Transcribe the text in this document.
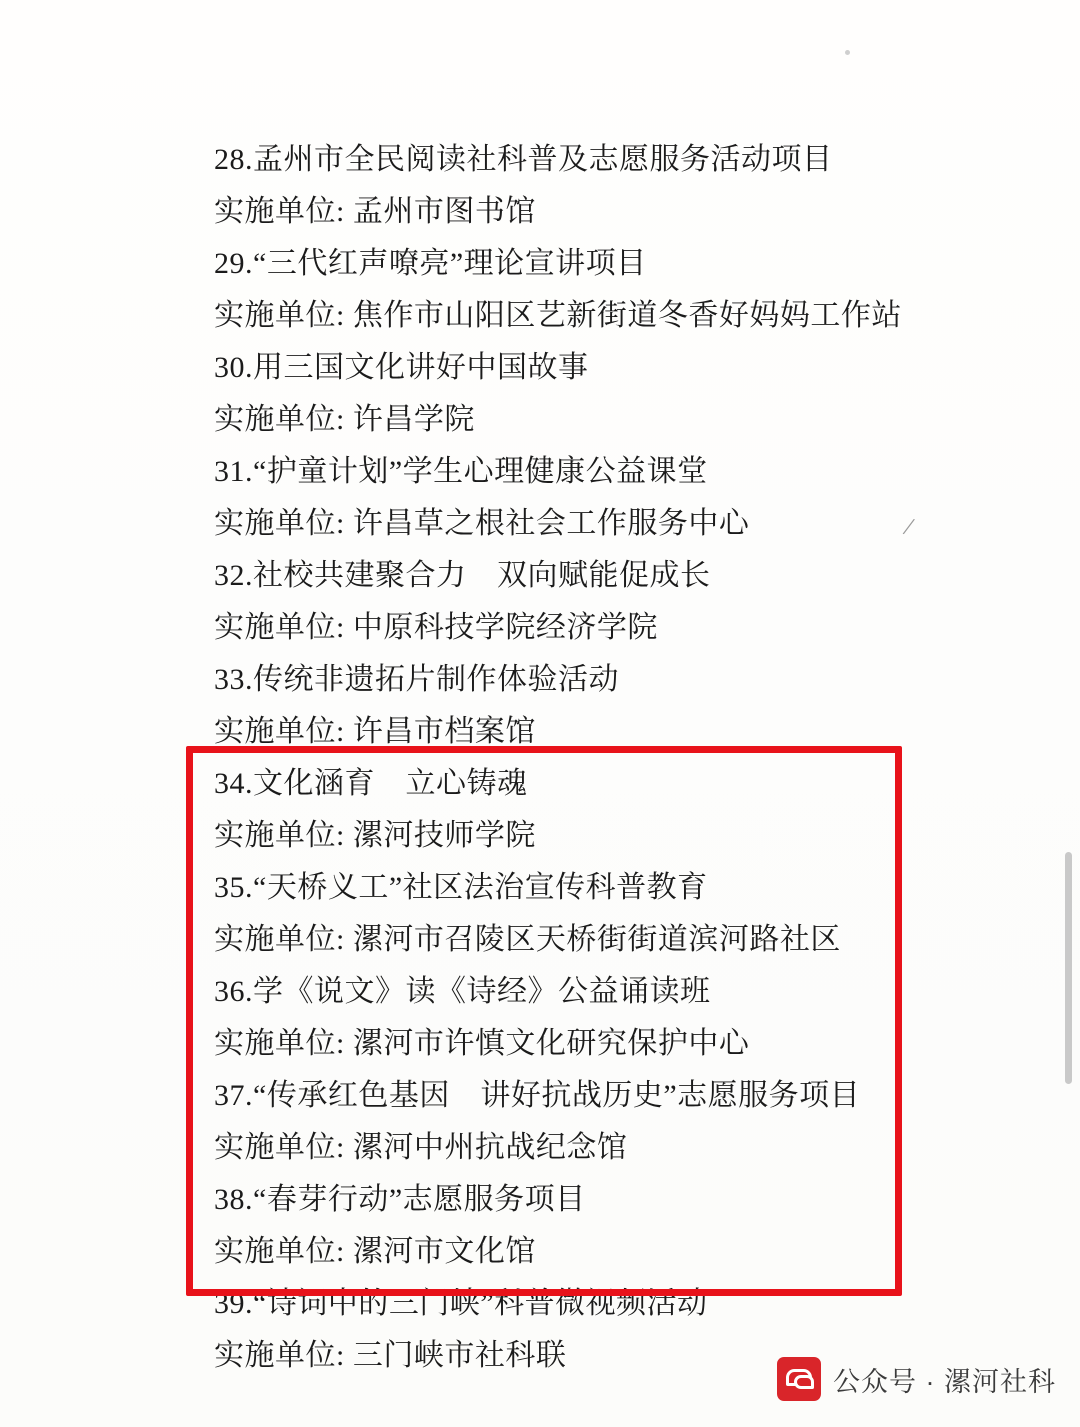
28.孟州市全民阅读社科普及志愿服务活动项目
实施单位: 孟州市图书馆
29.“三代红声嘹亮”理论宣讲项目
实施单位: 焦作市山阳区艺新街道冬香好妈妈工作站
30.用三国文化讲好中国故事
实施单位: 许昌学院
31.“护童计划”学生心理健康公益课堂
实施单位: 许昌草之根社会工作服务中心
32.社校共建聚合力　双向赋能促成长
实施单位: 中原科技学院经济学院
33.传统非遗拓片制作体验活动
实施单位: 许昌市档案馆
34.文化涵育　立心铸魂
实施单位: 漯河技师学院
35.“天桥义工”社区法治宣传科普教育
实施单位: 漯河市召陵区天桥街街道滨河路社区
36.学《说文》读《诗经》公益诵读班
实施单位: 漯河市许慎文化研究保护中心
37.“传承红色基因　讲好抗战历史”志愿服务项目
实施单位: 漯河中州抗战纪念馆
38.“春芽行动”志愿服务项目
实施单位: 漯河市文化馆
39.“诗词中的三门峡”科普微视频活动
实施单位: 三门峡市社科联
/
公众号 · 漯河社科
